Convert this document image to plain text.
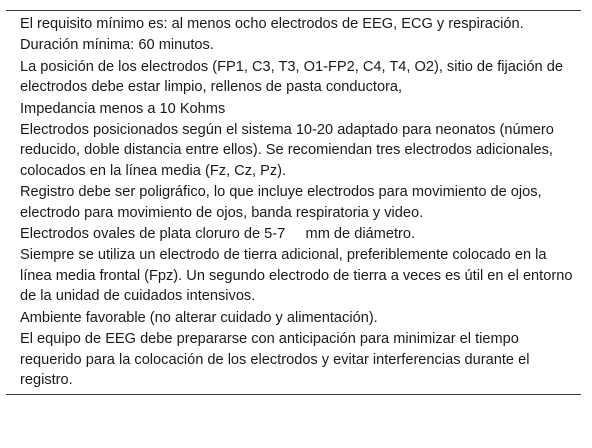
El requisito mínimo es: al menos ocho electrodos de EEG, ECG y respiración.
Duración mínima: 60 minutos.
La posición de los electrodos (FP1, C3, T3, O1-FP2, C4, T4, O2), sitio de fijación de electrodos debe estar limpio, rellenos de pasta conductora,
Impedancia menos a 10 Kohms
Electrodos posicionados según el sistema 10-20 adaptado para neonatos (número reducido, doble distancia entre ellos). Se recomiendan tres electrodos adicionales, colocados en la línea media (Fz, Cz, Pz).
Registro debe ser poligráfico, lo que incluye electrodos para movimiento de ojos, electrodo para movimiento de ojos, banda respiratoria y video.
Electrodos ovales de plata cloruro de 5-7     mm de diámetro.
Siempre se utiliza un electrodo de tierra adicional, preferiblemente colocado en la línea media frontal (Fpz). Un segundo electrodo de tierra a veces es útil en el entorno de la unidad de cuidados intensivos.
Ambiente favorable (no alterar cuidado y alimentación).
El equipo de EEG debe prepararse con anticipación para minimizar el tiempo requerido para la colocación de los electrodos y evitar interferencias durante el registro.
